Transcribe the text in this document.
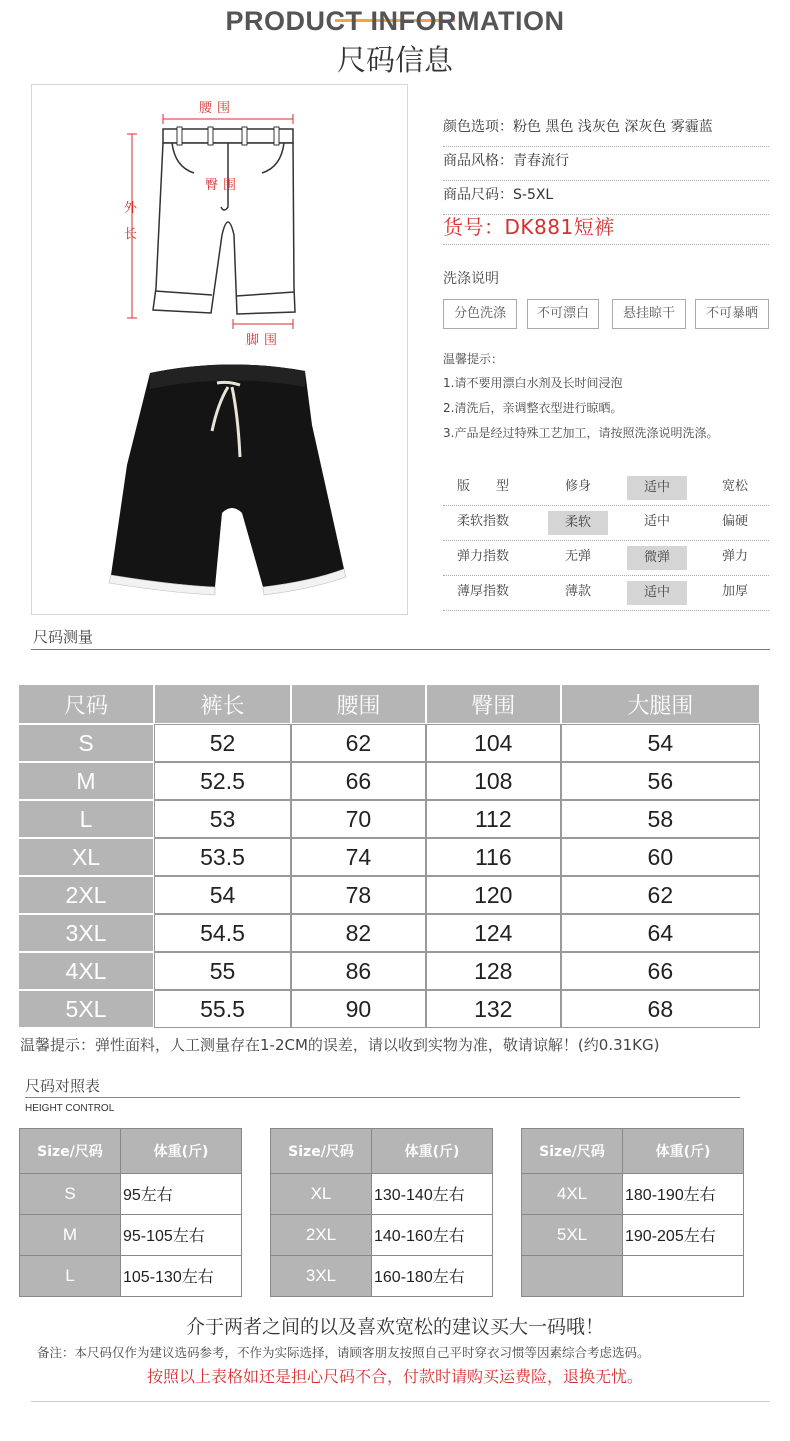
PRODUCT INFORMATION
尺码信息
腰围
臀围
外
长
脚围
颜色选项：粉色 黑色 浅灰色 深灰色 雾霾蓝
商品风格：青春流行
商品尺码：S-5XL
货号：DK881短裤
洗涤说明
分色洗涤	不可漂白	悬挂晾干	不可暴晒
温馨提示：
1.请不要用漂白水剂及长时间浸泡
2.清洗后，亲调整衣型进行晾晒。
3.产品是经过特殊工艺加工，请按照洗涤说明洗涤。
版　　型	修身	适中	宽松
柔软指数	柔软	适中	偏硬
弹力指数	无弹	微弹	弹力
薄厚指数	薄款	适中	加厚
尺码测量
尺码	裤长	腰围	臀围	大腿围
S	52	62	104	54
M	52.5	66	108	56
L	53	70	112	58
XL	53.5	74	116	60
2XL	54	78	120	62
3XL	54.5	82	124	64
4XL	55	86	128	66
5XL	55.5	90	132	68
温馨提示：弹性面料，人工测量存在1-2CM的误差，请以收到实物为准，敬请谅解！(约0.31KG)
尺码对照表
HEIGHT CONTROL
Size/尺码	体重(斤)
S	95左右
M	95-105左右
L	105-130左右
Size/尺码	体重(斤)
XL	130-140左右
2XL	140-160左右
3XL	160-180左右
Size/尺码	体重(斤)
4XL	180-190左右
5XL	190-205左右

介于两者之间的以及喜欢宽松的建议买大一码哦！
备注：本尺码仅作为建议选码参考，不作为实际选择，请顾客朋友按照自己平时穿衣习惯等因素综合考虑选码。
按照以上表格如还是担心尺码不合，付款时请购买运费险，退换无忧。
